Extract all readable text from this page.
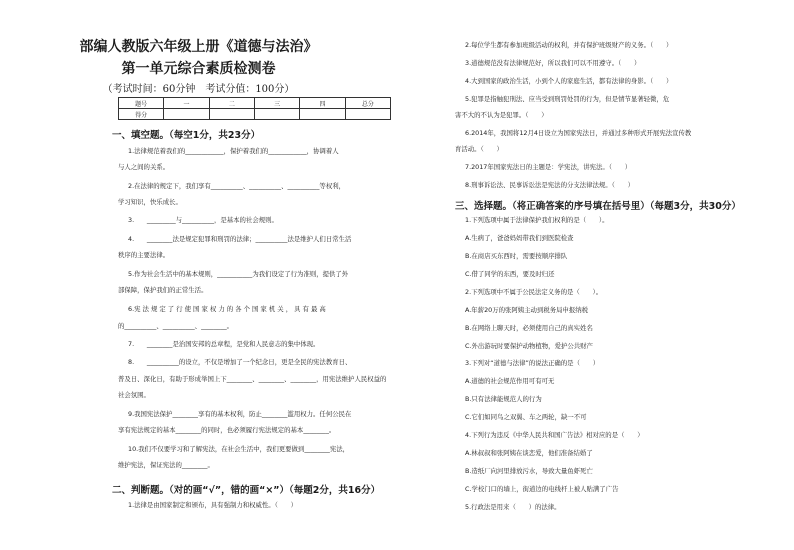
部编人教版六年级上册《道德与法治》
第一单元综合素质检测卷
（考试时间：60分钟　考试分值：100分）
题号	一	二	三	四	总分
得分					
一、填空题。（每空1分，共23分）
1.法律规范着我们的____________，保护着我们的____________，协调着人
与人之间的关系。
2.在法律的规定下，我们享有__________、__________、__________等权利，
学习知识，快乐成长。
3.　　_________与__________，是基本的社会规则。
4.　　________法是规定犯罪和刑罚的法律；__________法是维护人们日常生活
秩序的主要法律。
5.作为社会生活中的基本规则，___________为我们设定了行为准则，提供了外
部保障，保护我们的正常生活。
6.宪 法 规 定 了 行 使 国 家 权 力 的 各 个 国 家 机 关 ， 具 有 最 高
的__________、__________、________。
7.　　________是治国安邦的总章程，是党和人民意志的集中体现。
8.　　__________的设立，不仅是增加了一个纪念日，更是全民的宪法教育日、
普及日、深化日，有助于形成举国上下________、________、________，用宪法维护人民权益的
社会氛围。
9.我国宪法保护________享有的基本权利，防止________滥用权力。任何公民在
享有宪法规定的基本________的同时，也必须履行宪法规定的基本________。
10.我们不仅要学习和了解宪法，在社会生活中，我们更要做到________宪法，
维护宪法，保证宪法的________。
二、判断题。（对的画“√”，错的画“×”）（每题2分，共16分）
1.法律是由国家制定和颁布，具有强制力和权威性。（　　）
2.每位学生都有参加班级活动的权利，并有保护班级财产的义务。（　　）
3.道德规范没有法律规范好，所以我们可以不用遵守。（　　）
4.大到国家的政治生活，小到个人的家庭生活，都有法律的身影。（　　）
5.犯罪是指触犯刑法、应当受到刑罚处罚的行为，但是情节显著轻微，危
害不大的不认为是犯罪。（　　）
6.2014年，我国将12月4日设立为国家宪法日，并通过多种形式开展宪法宣传教
育活动。（　　）
7.2017年国家宪法日的主题是：学宪法，讲宪法。（　　）
8.刑事诉讼法、民事诉讼法是宪法的分支法律法规。（　　）
三、选择题。（将正确答案的序号填在括号里）（每题3分，共30分）
1.下列选项中属于法律保护我们权利的是（　　）。
A.生病了，爸爸妈妈带我们到医院检查
B.在商店买东西时，需要按顺序排队
C.借了同学的东西，要及时归还
2.下列选项中不属于公民法定义务的是（　　）。
A.年薪20万的张阿姨主动到税务局申报纳税
B.在网络上聊天时，必须使用自己的真实姓名
C.外出游玩时要保护动物植物，爱护公共财产
3.下列对“道德与法律”的说法正确的是（　　）
A.道德的社会规范作用可有可无
B.只有法律能规范人的行为
C.它们如同鸟之双翼、车之两轮，缺一不可
4.下列行为违反《中华人民共和国广告法》相对应的是（　　）
A.林叔叔和张阿姨在谈恋爱，他们准备结婚了
B.造纸厂向河里排放污水，导致大量鱼虾死亡
C.学校门口的墙上，街道边的电线杆上被人贴满了广告
5.行政法是用来（　　）的法律。
